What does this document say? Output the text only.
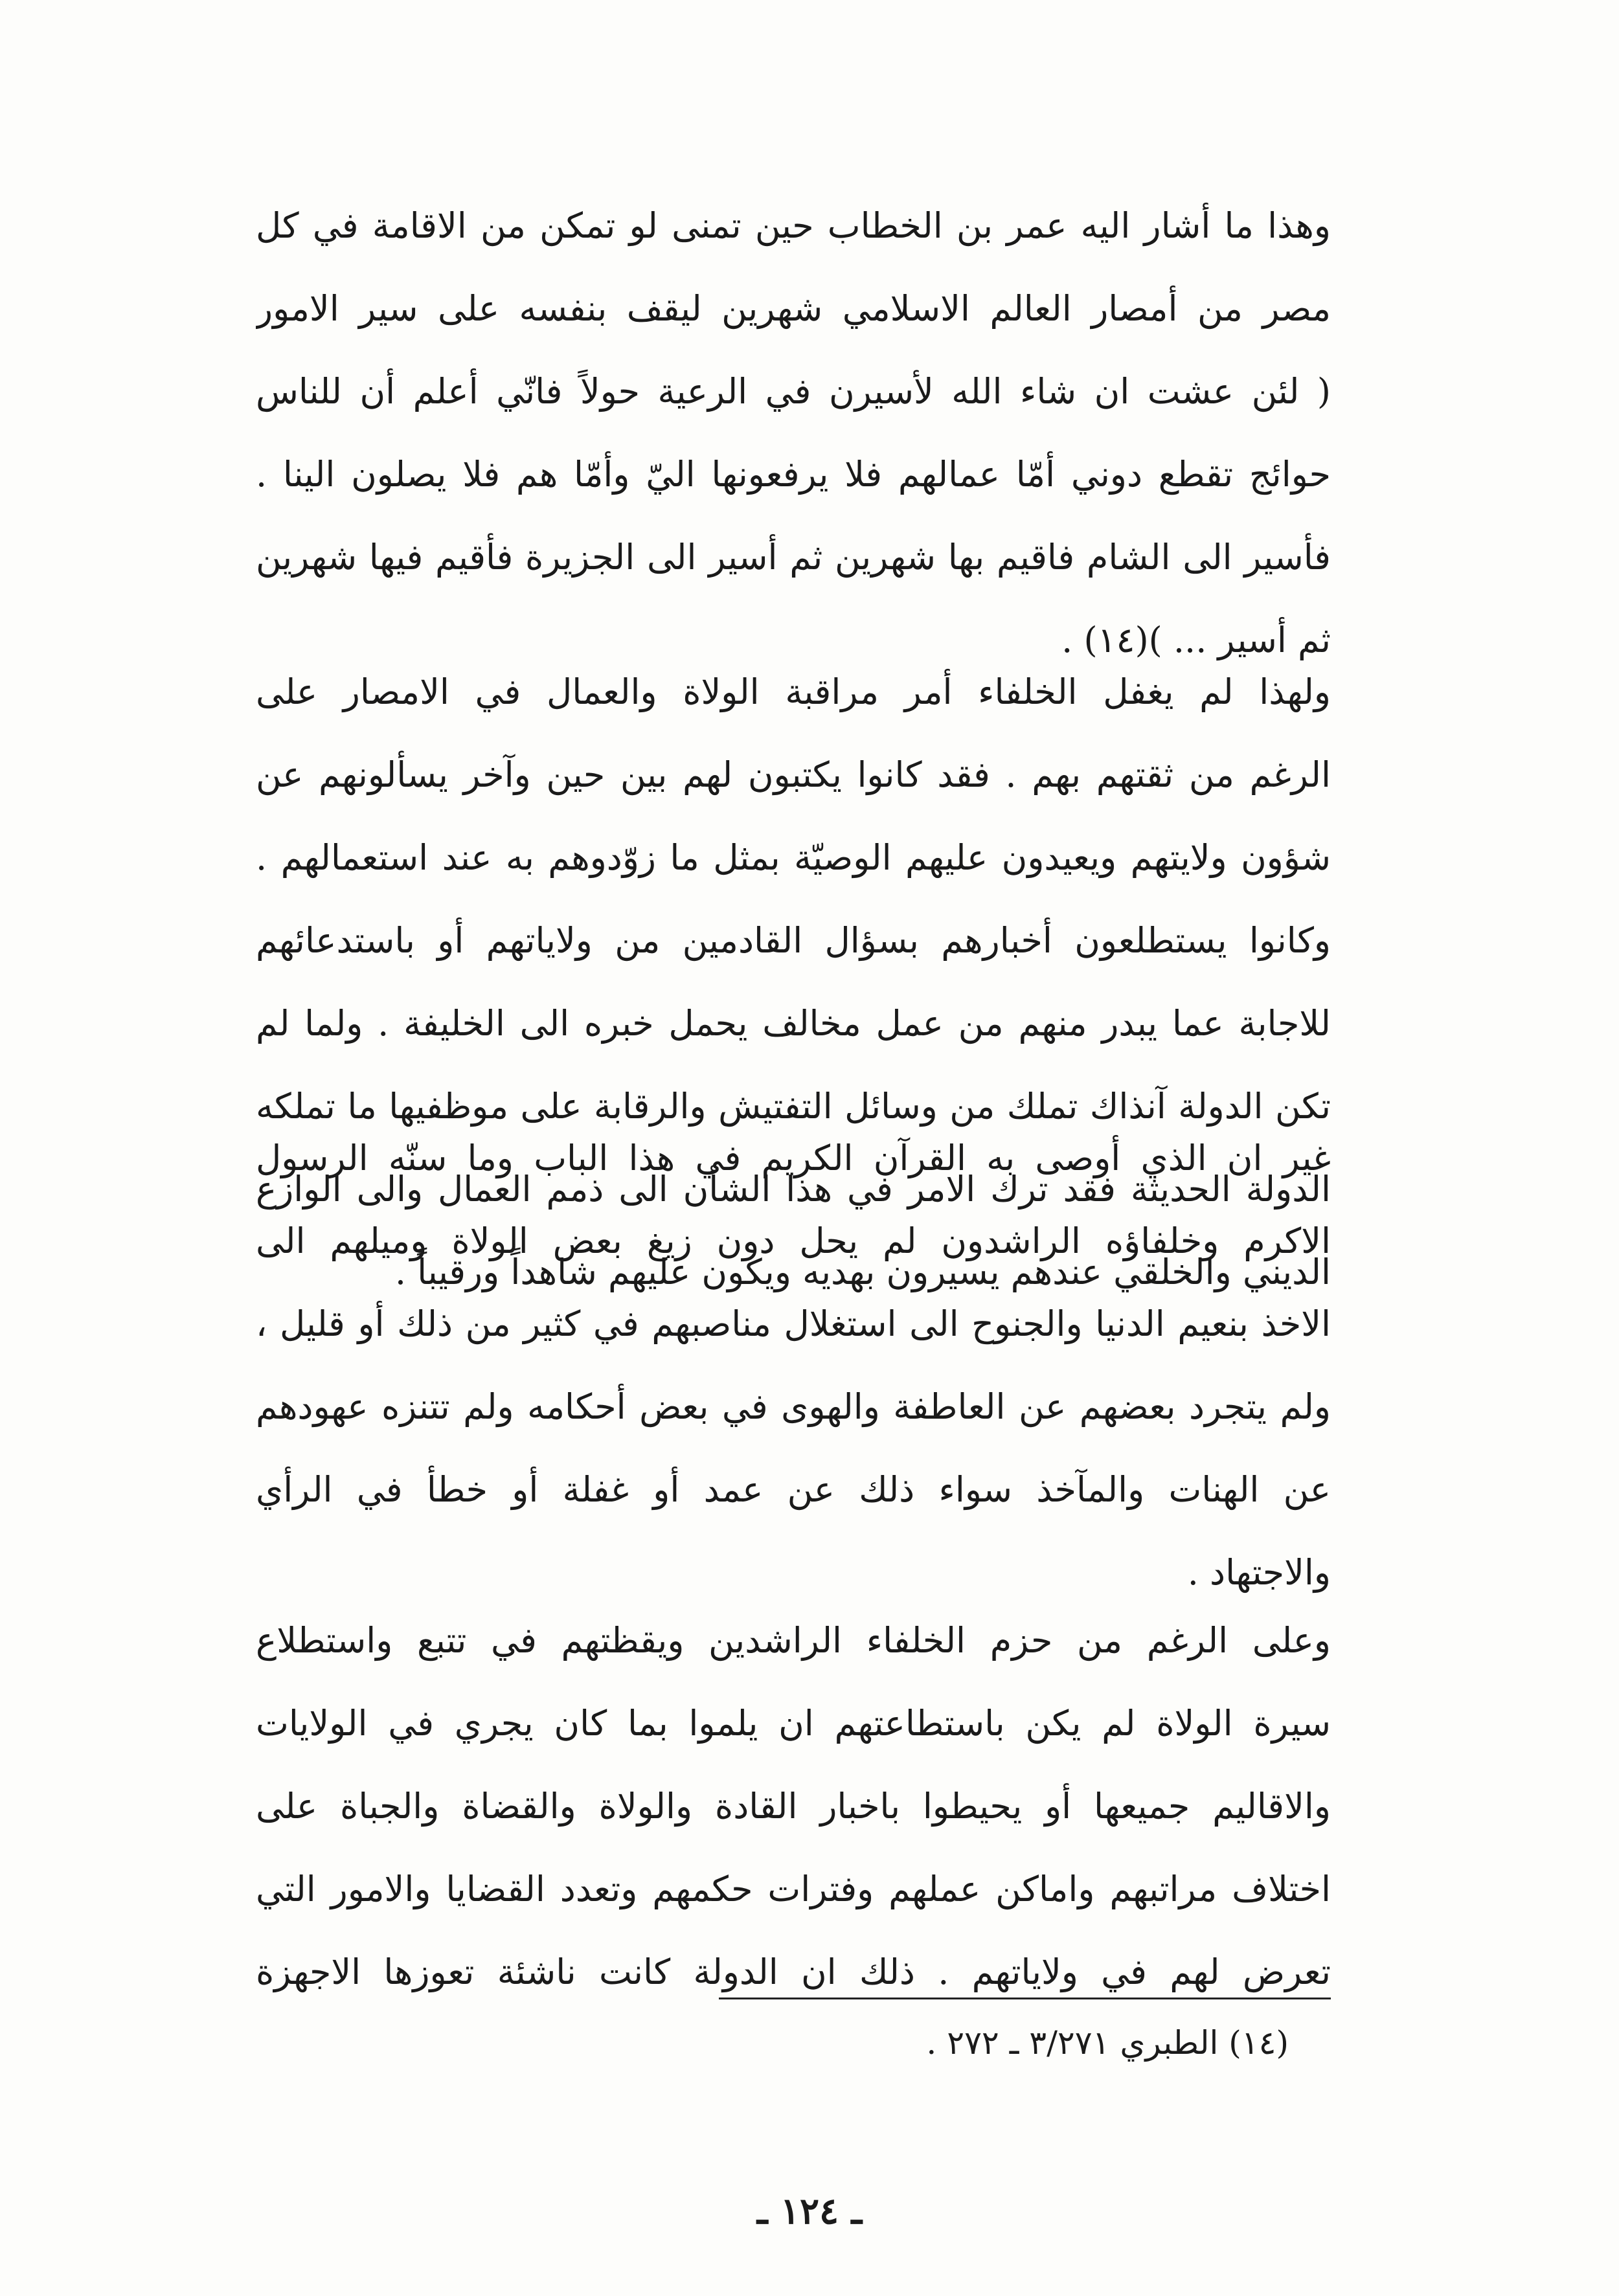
وهذا ما أشار اليه عمر بن الخطاب حين تمنى لو تمكن من الاقامة في كل
مصر من أمصار العالم الاسلامي شهرين ليقف بنفسه على سير الامور
( لئن عشت ان شاء الله لأسيرن في الرعية حولاً فانّي أعلم أن للناس
حوائج تقطع دوني أمّا عمالهم فلا يرفعونها اليّ وأمّا هم فلا يصلون الينا .
فأسير الى الشام فاقيم بها شهرين ثم أسير الى الجزيرة فأقيم فيها شهرين
ثم أسير ... )(١٤) .
ولهذا لم يغفل الخلفاء أمر مراقبة الولاة والعمال في الامصار على
الرغم من ثقتهم بهم . فقد كانوا يكتبون لهم بين حين وآخر يسألونهم عن
شؤون ولايتهم ويعيدون عليهم الوصيّة بمثل ما زوّدوهم به عند استعمالهم .
وكانوا يستطلعون أخبارهم بسؤال القادمين من ولاياتهم أو باستدعائهم
للاجابة عما يبدر منهم من عمل مخالف يحمل خبره الى الخليفة . ولما لم
تكن الدولة آنذاك تملك من وسائل التفتيش والرقابة على موظفيها ما تملكه
الدولة الحديثة فقد ترك الامر في هذا الشأن الى ذمم العمال والى الوازع
الديني والخلقي عندهم يسيرون بهديه ويكون عليهم شاهداً ورقيباً .
غير ان الذي أوصى به القرآن الكريم في هذا الباب وما سنّه الرسول
الاكرم وخلفاؤه الراشدون لم يحل دون زيغ بعض الولاة وميلهم الى
الاخذ بنعيم الدنيا والجنوح الى استغلال مناصبهم في كثير من ذلك أو قليل ،
ولم يتجرد بعضهم عن العاطفة والهوى في بعض أحكامه ولم تتنزه عهودهم
عن الهنات والمآخذ سواء ذلك عن عمد أو غفلة أو خطأ في الرأي
والاجتهاد .
وعلى الرغم من حزم الخلفاء الراشدين ويقظتهم في تتبع واستطلاع
سيرة الولاة لم يكن باستطاعتهم ان يلموا بما كان يجري في الولايات
والاقاليم جميعها أو يحيطوا باخبار القادة والولاة والقضاة والجباة على
اختلاف مراتبهم واماكن عملهم وفترات حكمهم وتعدد القضايا والامور التي
تعرض لهم في ولاياتهم . ذلك ان الدولة كانت ناشئة تعوزها الاجهزة
(١٤) الطبري ٣/٢٧١ ـ ٢٧٢ .
ـ ١٢٤ ـ
